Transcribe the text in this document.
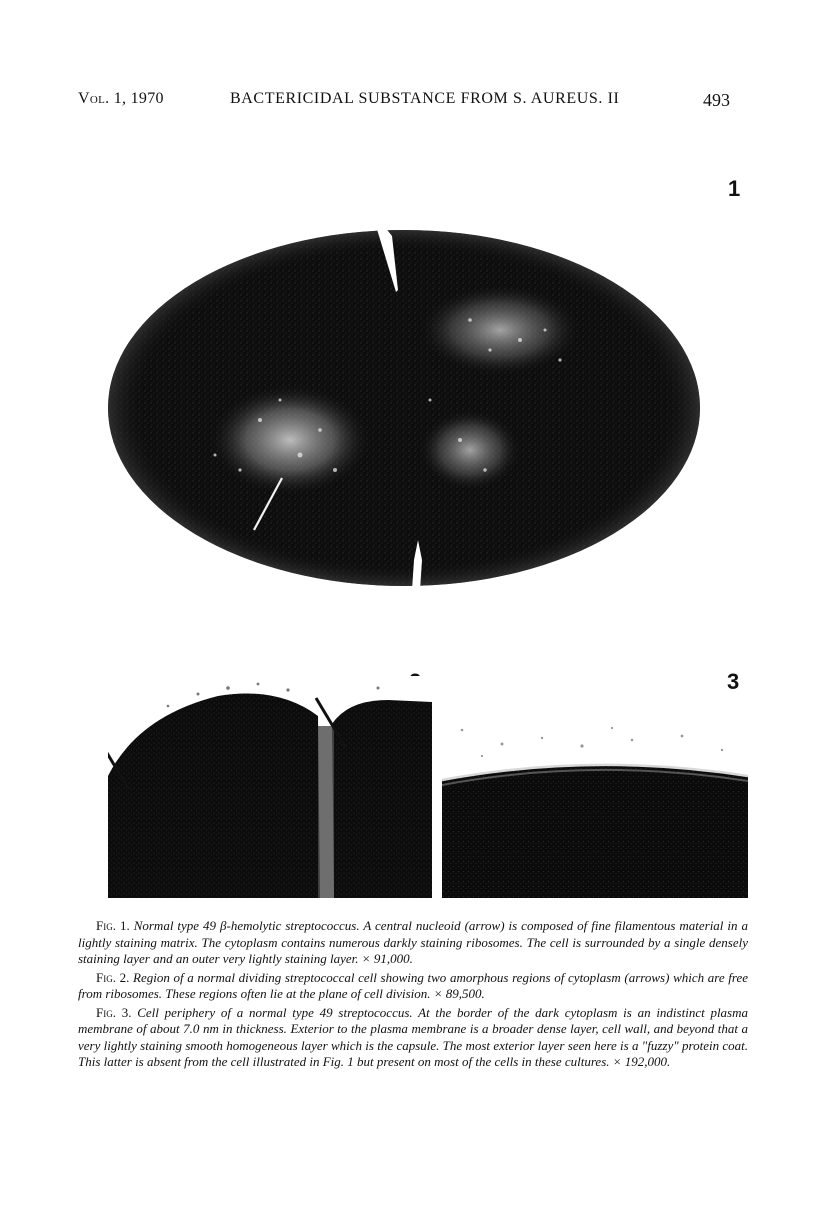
Vol. 1, 1970	BACTERICIDAL SUBSTANCE FROM S. AUREUS. II	493
1
3

Fig. 1. Normal type 49 β-hemolytic streptococcus. A central nucleoid (arrow) is composed of fine filamentous material in a lightly staining matrix. The cytoplasm contains numerous darkly staining ribosomes. The cell is surrounded by a single densely staining layer and an outer very lightly staining layer. × 91,000.

Fig. 2. Region of a normal dividing streptococcal cell showing two amorphous regions of cytoplasm (arrows) which are free from ribosomes. These regions often lie at the plane of cell division. × 89,500.

Fig. 3. Cell periphery of a normal type 49 streptococcus. At the border of the dark cytoplasm is an indistinct plasma membrane of about 7.0 nm in thickness. Exterior to the plasma membrane is a broader dense layer, cell wall, and beyond that a very lightly staining smooth homogeneous layer which is the capsule. The most exterior layer seen here is a "fuzzy" protein coat. This latter is absent from the cell illustrated in Fig. 1 but present on most of the cells in these cultures. × 192,000.
